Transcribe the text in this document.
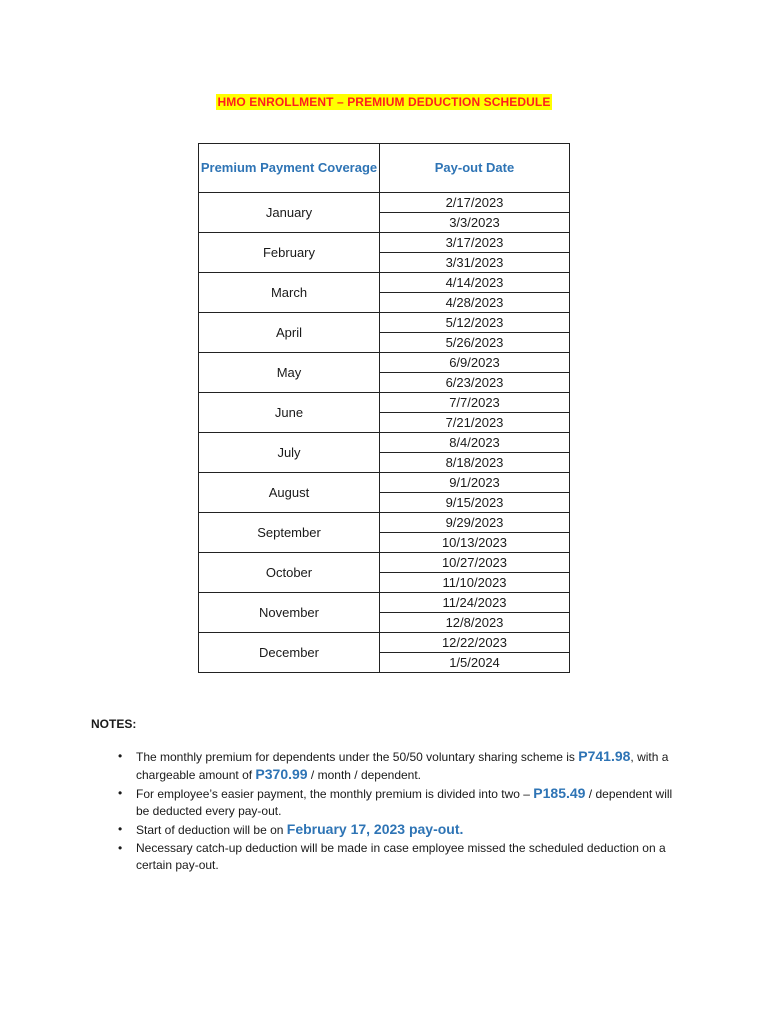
HMO ENROLLMENT – PREMIUM DEDUCTION SCHEDULE
Premium Payment Coverage	Pay-out Date
January	2/17/2023
	3/3/2023
February	3/17/2023
	3/31/2023
March	4/14/2023
	4/28/2023
April	5/12/2023
	5/26/2023
May	6/9/2023
	6/23/2023
June	7/7/2023
	7/21/2023
July	8/4/2023
	8/18/2023
August	9/1/2023
	9/15/2023
September	9/29/2023
	10/13/2023
October	10/27/2023
	11/10/2023
November	11/24/2023
	12/8/2023
December	12/22/2023
	1/5/2024
NOTES:
• The monthly premium for dependents under the 50/50 voluntary sharing scheme is P741.98, with a chargeable amount of P370.99 / month / dependent.
• For employee’s easier payment, the monthly premium is divided into two – P185.49 / dependent will be deducted every pay-out.
• Start of deduction will be on February 17, 2023 pay-out.
• Necessary catch-up deduction will be made in case employee missed the scheduled deduction on a certain pay-out.
